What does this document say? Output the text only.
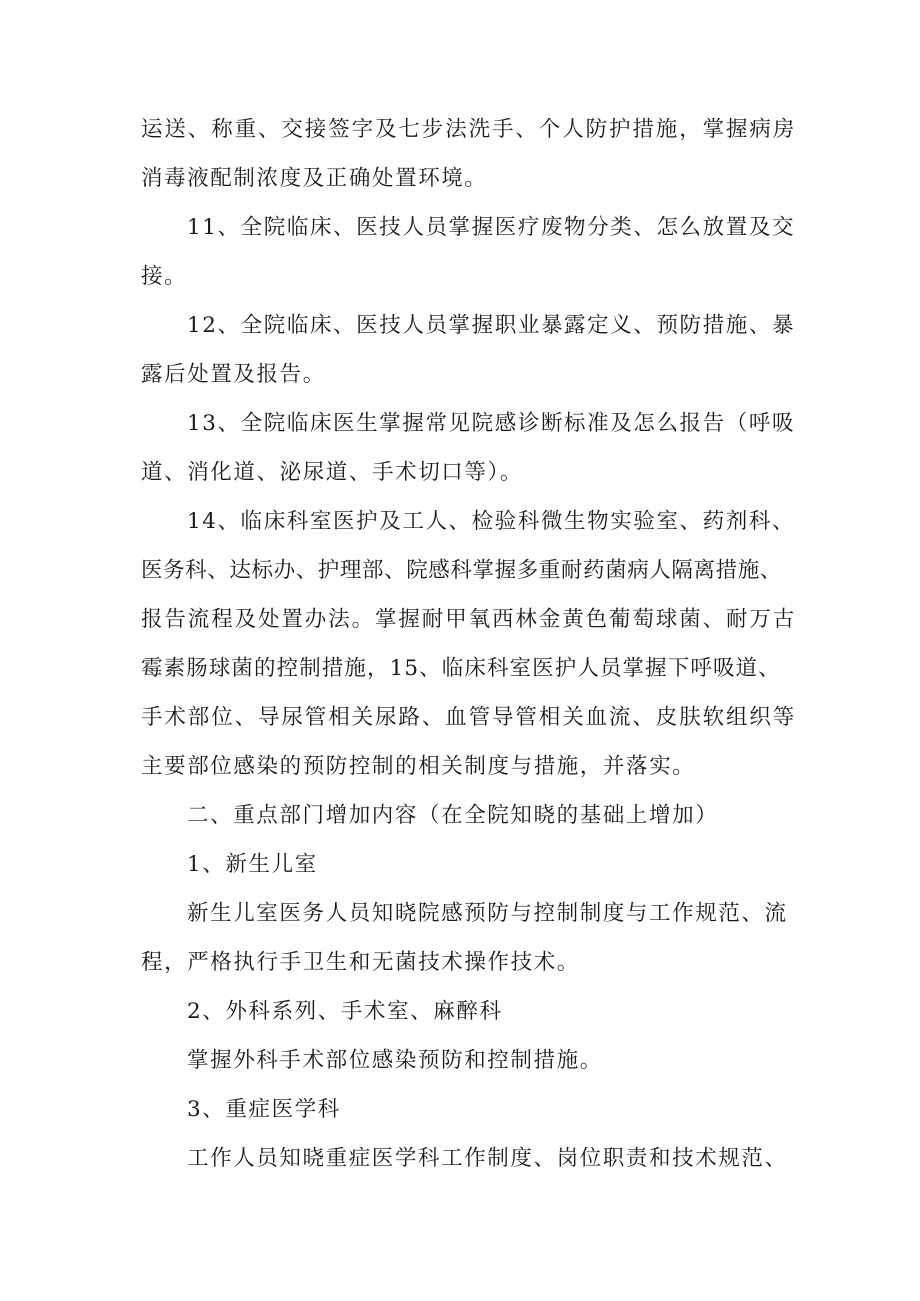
运送、称重、交接签字及七步法洗手、个人防护措施，掌握病房
消毒液配制浓度及正确处置环境。
11、全院临床、医技人员掌握医疗废物分类、怎么放置及交
接。
12、全院临床、医技人员掌握职业暴露定义、预防措施、暴
露后处置及报告。
13、全院临床医生掌握常见院感诊断标准及怎么报告（呼吸
道、消化道、泌尿道、手术切口等）。
14、临床科室医护及工人、检验科微生物实验室、药剂科、
医务科、达标办、护理部、院感科掌握多重耐药菌病人隔离措施、
报告流程及处置办法。掌握耐甲氧西林金黄色葡萄球菌、耐万古
霉素肠球菌的控制措施，15、临床科室医护人员掌握下呼吸道、
手术部位、导尿管相关尿路、血管导管相关血流、皮肤软组织等
主要部位感染的预防控制的相关制度与措施，并落实。
二、重点部门增加内容（在全院知晓的基础上增加）
1、新生儿室
新生儿室医务人员知晓院感预防与控制制度与工作规范、流
程，严格执行手卫生和无菌技术操作技术。
2、外科系列、手术室、麻醉科
掌握外科手术部位感染预防和控制措施。
3、重症医学科
工作人员知晓重症医学科工作制度、岗位职责和技术规范、
